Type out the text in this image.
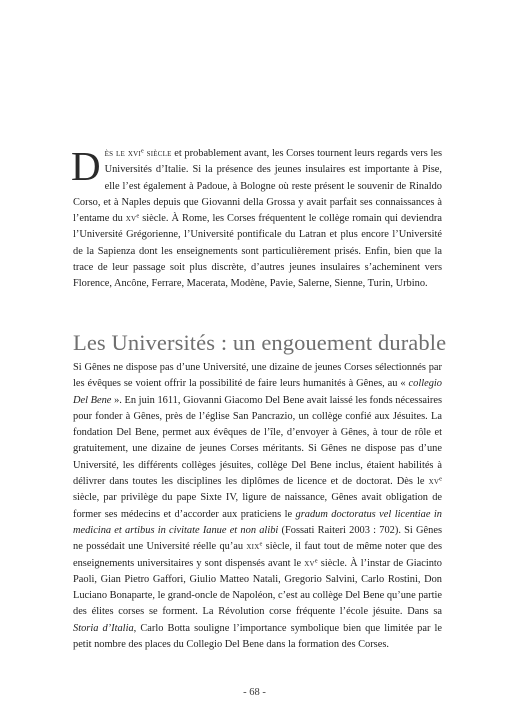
Dès le xvi$^e$ siècle et probablement avant, les Corses tournent leurs regards vers les Universités d’Italie. Si la présence des jeunes insulaires est importante à Pise, elle l’est également à Padoue, à Bologne où reste présent le souvenir de Rinaldo Corso, et à Naples depuis que Giovanni della Grossa y avait parfait ses connaissances à l’entame du $xv^e$ siècle. À Rome, les Corses fréquentent le collège romain qui deviendra l’Université Grégorienne, l’Université pontificale du Latran et plus encore l’Université de la Sapienza dont les enseignements sont particulièrement prisés. Enfin, bien que la trace de leur passage soit plus discrète, d’autres jeunes insulaires s’acheminent vers Florence, Ancône, Ferrare, Macerata, Modène, Pavie, Salerne, Sienne, Turin, Urbino.

Les Universités : un engouement durable

Si Gênes ne dispose pas d’une Université, une dizaine de jeunes Corses sélectionnés par les évêques se voient offrir la possibilité de faire leurs humanités à Gênes, au « collegio Del Bene ». En juin 1611, Giovanni Giacomo Del Bene avait laissé les fonds nécessaires pour fonder à Gênes, près de l’église San Pancrazio, un collège confié aux Jésuites. La fondation Del Bene, permet aux évêques de l’île, d’envoyer à Gênes, à tour de rôle et gratuitement, une dizaine de jeunes Corses méritants. Si Gênes ne dispose pas d’une Université, les différents collèges jésuites, collège Del Bene inclus, étaient habilités à délivrer dans toutes les disciplines les diplômes de licence et de doctorat. Dès le $xv^e$ siècle, par privilège du pape Sixte IV, ligure de naissance, Gênes avait obligation de former ses médecins et d’accorder aux praticiens le gradum doctoratus vel licentiae in medicina et artibus in civitate Ianue et non alibi (Fossati Raiteri 2003 : 702). Si Gênes ne possédait une Université réelle qu’au xix$^e$ siècle, il faut tout de même noter que des enseignements universitaires y sont dispensés avant le $xv^e$ siècle. À l’instar de Giacinto Paoli, Gian Pietro Gaffori, Giulio Matteo Natali, Gregorio Salvini, Carlo Rostini, Don Luciano Bonaparte, le grand-oncle de Napoléon, c’est au collège Del Bene qu’une partie des élites corses se forment. La Révolution corse fréquente l’école jésuite. Dans sa Storia d’Italia, Carlo Botta souligne l’importance symbolique bien que limitée par le petit nombre des places du Collegio Del Bene dans la formation des Corses.

- 68 -
